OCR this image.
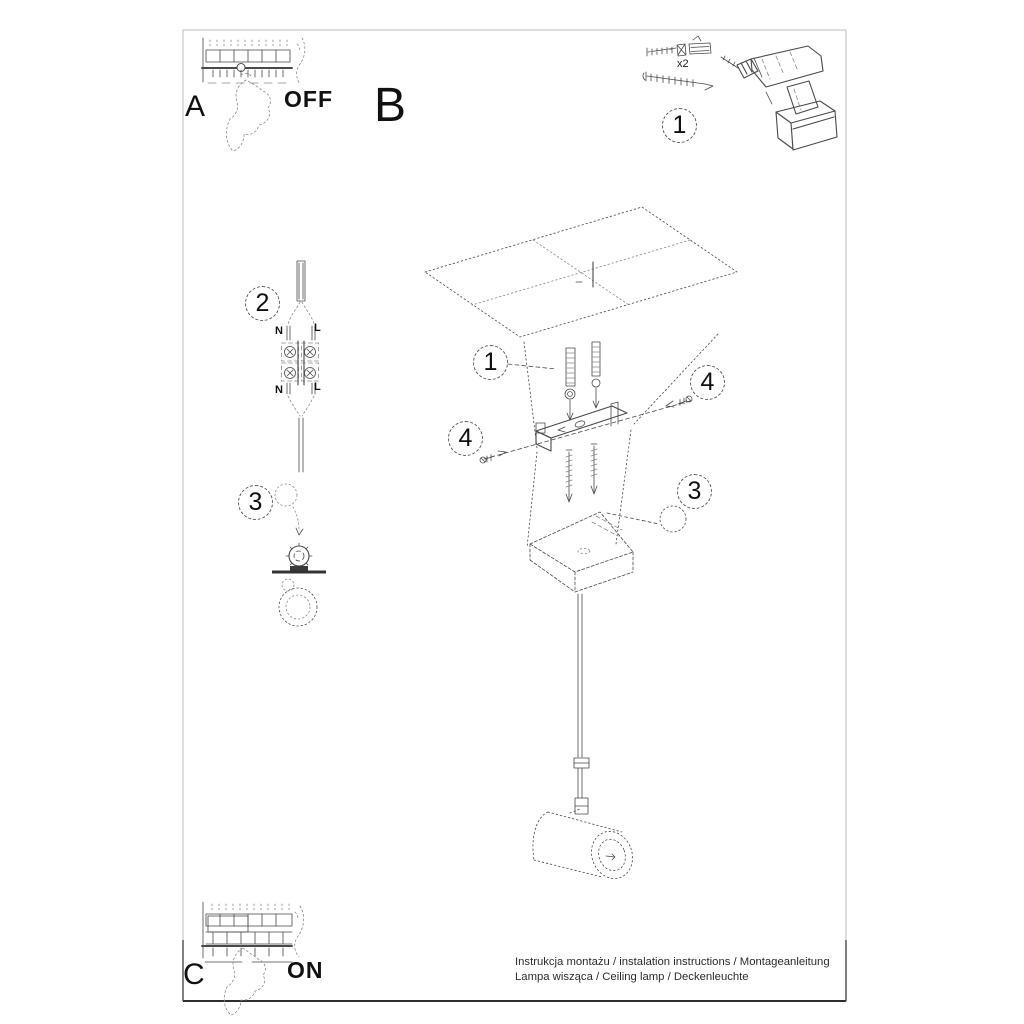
A	OFF B
C	ON
x2
1
2
3
1
4
4
3
N	L
N	L
Instrukcja montażu / instalation instructions / Montageanleitung
Lampa wisząca / Ceiling lamp / Deckenleuchte
